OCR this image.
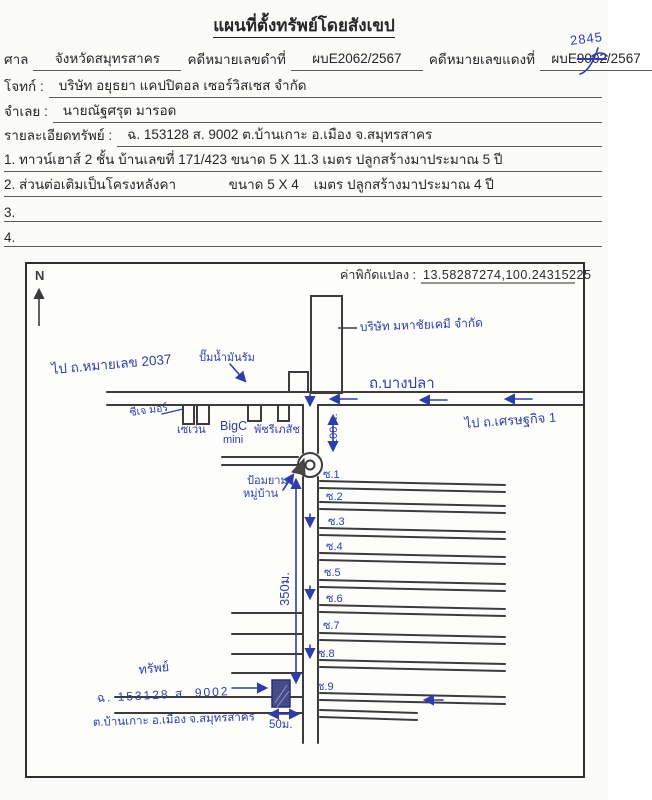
แผนที่ตั้งทรัพย์โดยสังเขป
ศาล	จังหวัดสมุทรสาคร	คดีหมายเลขดำที่	ผบE2062/2567	คดีหมายเลขแดงที่	ผบE9002/2567
2845
โจทก์ :	บริษัท อยุธยา แคปปิตอล เซอร์วิสเซส จำกัด
จำเลย :	นายณัฐศรุต มารอด
รายละเอียดทรัพย์ :	ฉ. 153128 ส. 9002 ต.บ้านเกาะ อ.เมือง จ.สมุทรสาคร
1. ทาวน์เฮาส์ 2 ชั้น บ้านเลขที่ 171/423 ขนาด 5 X 11.3 เมตร ปลูกสร้างมาประมาณ 5 ปี
2. ส่วนต่อเติมเป็นโครงหลังคา              ขนาด 5 X 4    เมตร ปลูกสร้างมาประมาณ 4 ปี
3.
4.
N	ค่าพิกัดแปลง : 13.58287274,100.24315225
บริษัท มหาชัยเคมี จำกัด
ปั๊มน้ำมันรัม
ไป ถ.หมายเลข 2037
ถ.บางปลา
ไป ถ.เศรษฐกิจ 1
ซีเจ มอร์
เซเว่น BigC
mini
พัชรีเภสัช
ป้อมยาม
หมู่บ้าน
100 ม.
350ม.
50ม.
ซ.1
ซ.2
ซ.3
ซ.4
ซ.5
ซ.6
ซ.7
ซ.8
ซ.9
ทรัพย์
ฉ. 153128 ส. 9002
ต.บ้านเกาะ อ.เมือง จ.สมุทรสาคร
